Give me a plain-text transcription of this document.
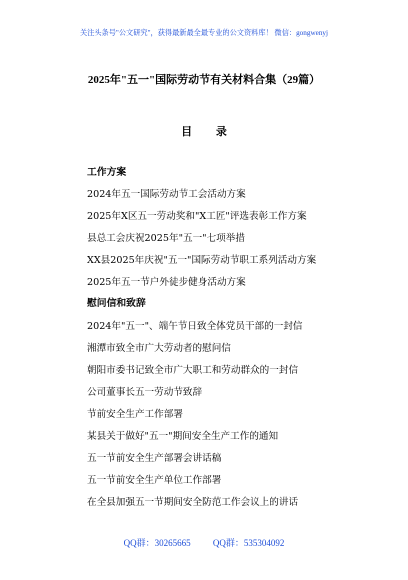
关注头条号"公文研究"，获得最新最全最专业的公文资料库！ 微信：gongwenyj
2025年"五一"国际劳动节有关材料合集（29篇）
目 录
工作方案
2024年五一国际劳动节工会活动方案
2025年X区五一劳动奖和"X工匠"评选表彰工作方案
县总工会庆祝2025年"五一"七项举措
XX县2025年庆祝"五一"国际劳动节职工系列活动方案
2025年五一节户外徒步健身活动方案
慰问信和致辞
2024年"五一"、端午节日致全体党员干部的一封信
湘潭市致全市广大劳动者的慰问信
朝阳市委书记致全市广大职工和劳动群众的一封信
公司董事长五一劳动节致辞
节前安全生产工作部署
某县关于做好"五一"期间安全生产工作的通知
五一节前安全生产部署会讲话稿
五一节前安全生产单位工作部署
在全县加强五一节期间安全防范工作会议上的讲话
QQ群：30265665 QQ群：535304092
